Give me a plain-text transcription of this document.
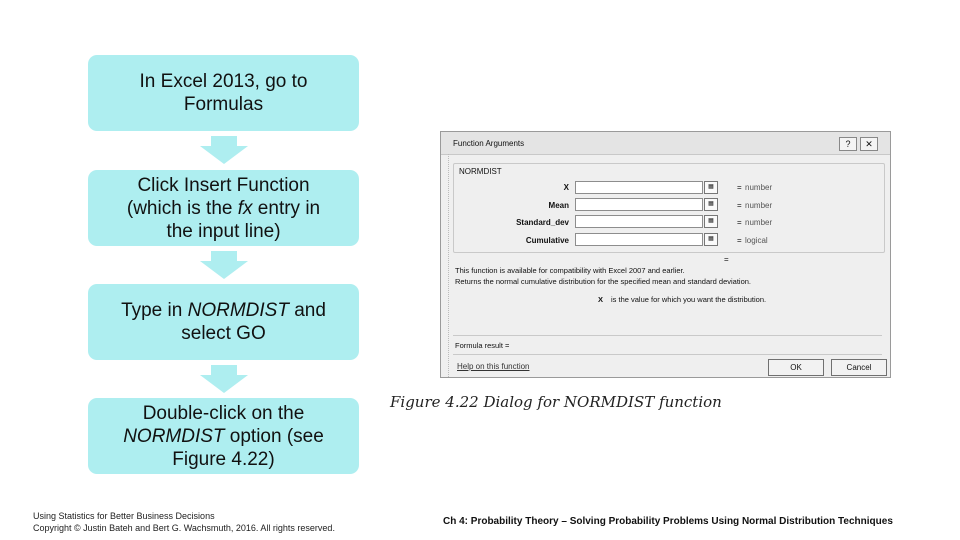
In Excel 2013, go to
Formulas
Click Insert Function
(which is the fx entry in
the input line)
Type in NORMDIST and
select GO
Double-click on the
NORMDIST option (see
Figure 4.22)
Function Arguments	?	✕
NORMDIST
X	▦	= number
Mean	▦	= number
Standard_dev	▦	= number
Cumulative	▦	= logical
=
This function is available for compatibility with Excel 2007 and earlier.
Returns the normal cumulative distribution for the specified mean and standard deviation.
X is the value for which you want the distribution.
Formula result =
Help on this function	OK	Cancel
Figure 4.22 Dialog for NORMDIST function
Using Statistics for Better Business Decisions
Copyright © Justin Bateh and Bert G. Wachsmuth, 2016. All rights reserved.
Ch 4: Probability Theory – Solving Probability Problems Using Normal Distribution Techniques
